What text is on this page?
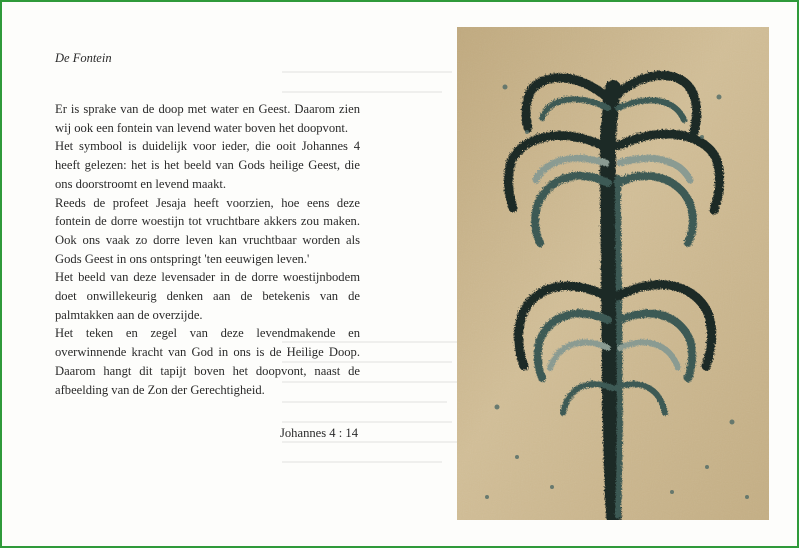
De Fontein

Er is sprake van de doop met water en Geest. Daarom zien wij ook een fontein van levend water boven het doopvont.

Het symbool is duidelijk voor ieder, die ooit Johannes 4 heeft gelezen: het is het beeld van Gods heilige Geest, die ons doorstroomt en levend maakt.

Reeds de profeet Jesaja heeft voorzien, hoe eens deze fontein de dorre woestijn tot vruchtbare akkers zou maken. Ook ons vaak zo dorre leven kan vruchtbaar worden als Gods Geest in ons ontspringt 'ten eeuwigen leven.'

Het beeld van deze levensader in de dorre woestijnbodem doet onwillekeurig denken aan de betekenis van de palmtakken aan de overzijde.

Het teken en zegel van deze levendmakende en overwinnende kracht van God in ons is de Heilige Doop. Daarom hangt dit tapijt boven het doopvont, naast de afbeelding van de Zon der Gerechtigheid.

Johannes 4 : 14
